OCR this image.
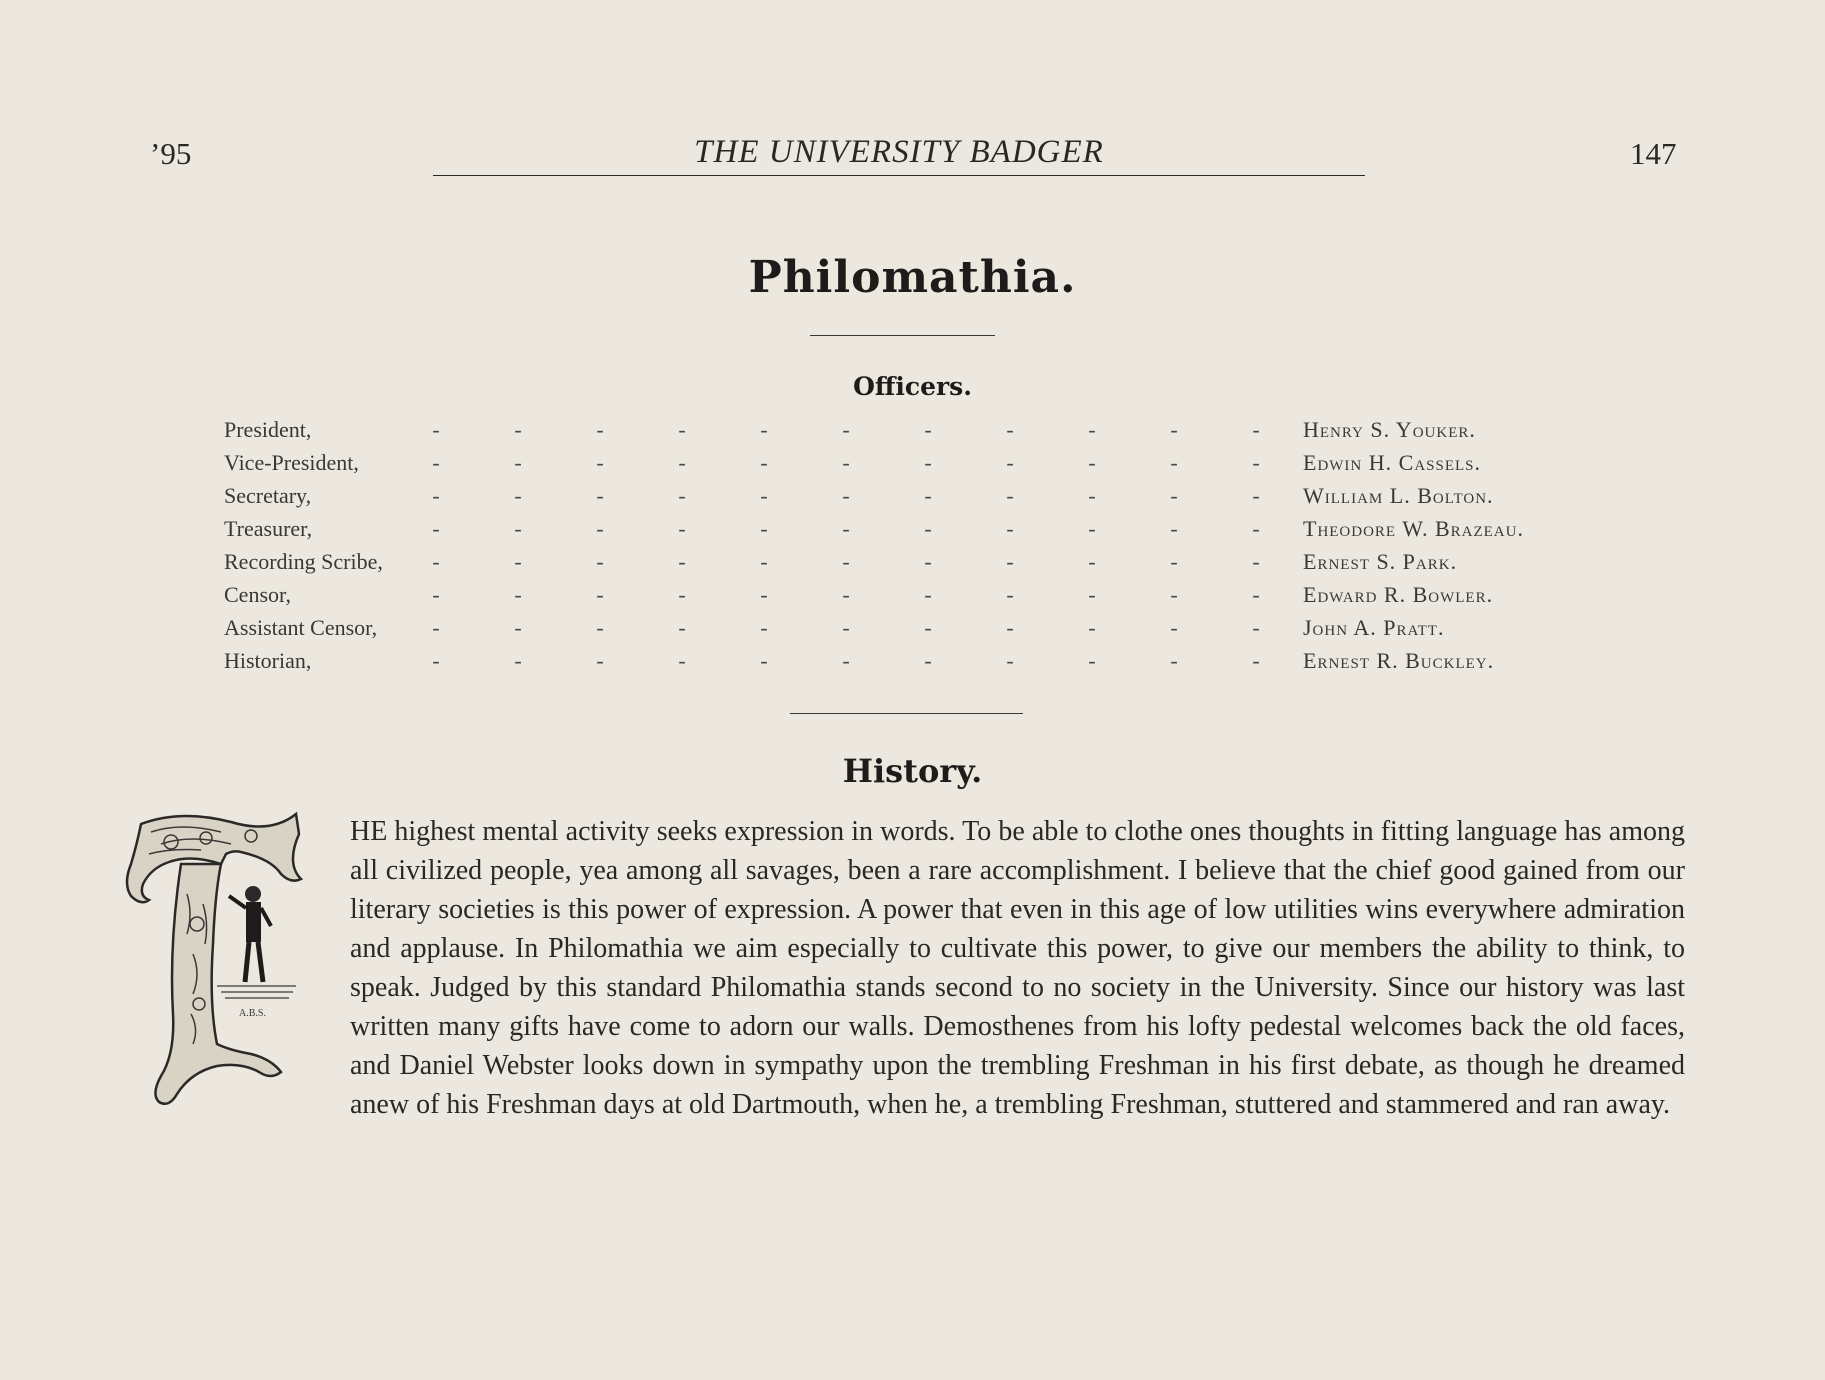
’95	THE UNIVERSITY BADGER	147
Philomathia.
Officers.
President,	-	-	-	-	-	-	-	-	-	-	-	Henry S. Youker.
Vice-President,	-	-	-	-	-	-	-	-	-	-	-	Edwin H. Cassels.
Secretary,	-	-	-	-	-	-	-	-	-	-	-	William L. Bolton.
Treasurer,	-	-	-	-	-	-	-	-	-	-	-	Theodore W. Brazeau.
Recording Scribe,	-	-	-	-	-	-	-	-	-	-	-	Ernest S. Park.
Censor,	-	-	-	-	-	-	-	-	-	-	-	Edward R. Bowler.
Assistant Censor,	-	-	-	-	-	-	-	-	-	-	-	John A. Pratt.
Historian,	-	-	-	-	-	-	-	-	-	-	-	Ernest R. Buckley.
History.
A.B.S.
HE highest mental activity seeks expression in words. To be able to clothe ones thoughts in fitting language has among all civilized people, yea among all savages, been a rare accomplishment. I believe that the chief good gained from our literary societies is this power of expression. A power that even in this age of low utilities wins everywhere admiration and applause. In Philomathia we aim especially to cultivate this power, to give our members the ability to think, to speak. Judged by this standard Philomathia stands second to no society in the University. Since our history was last written many gifts have come to adorn our walls. Demosthenes from his lofty pedestal welcomes back the old faces, and Daniel Webster looks down in sympathy upon the trembling Freshman in his first debate, as though he dreamed anew of his Freshman days at old Dartmouth, when he, a trembling Freshman, stuttered and stammered and ran away.
